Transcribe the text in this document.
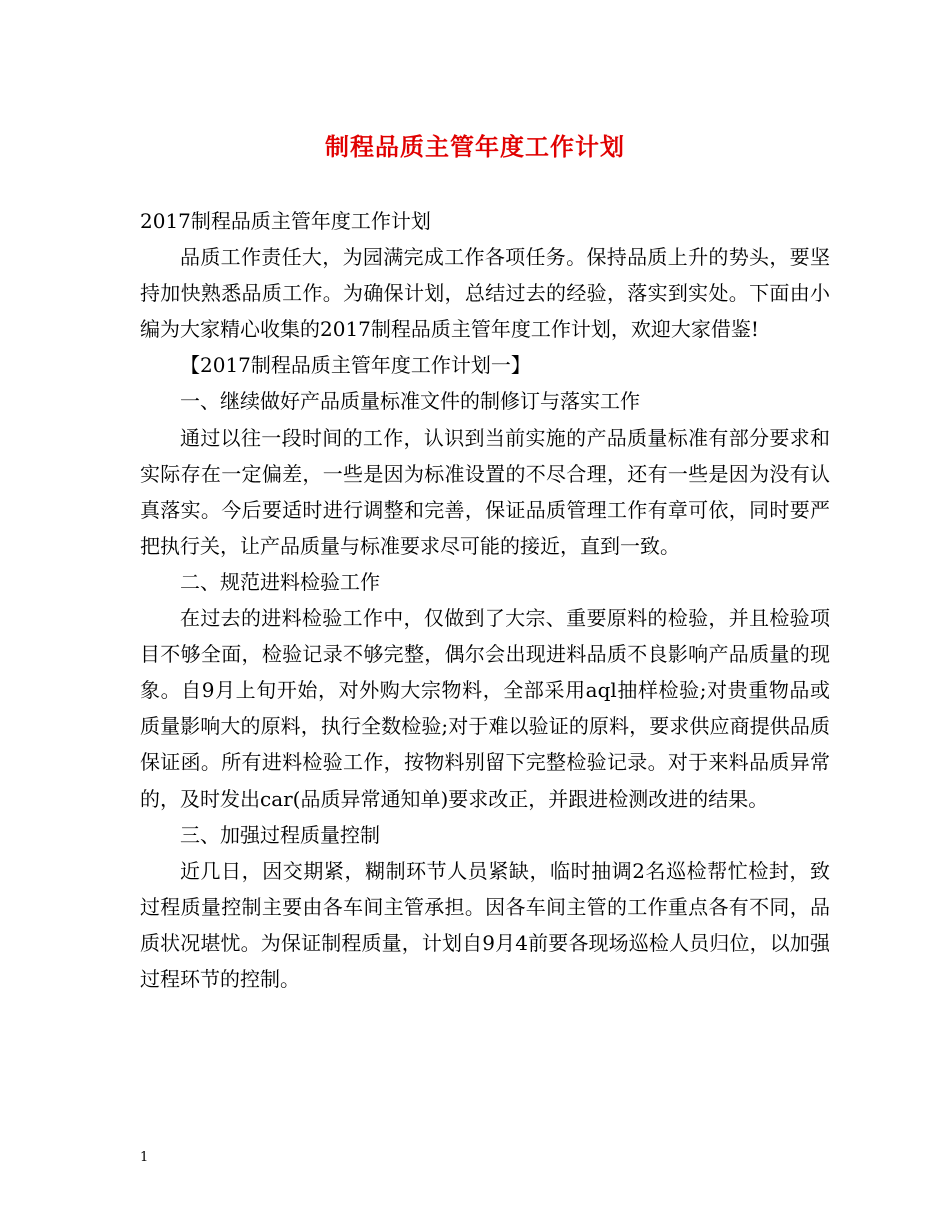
制程品质主管年度工作计划

2017制程品质主管年度工作计划

品质工作责任大，为园满完成工作各项任务。保持品质上升的势头，要坚持加快熟悉品质工作。为确保计划，总结过去的经验，落实到实处。下面由小编为大家精心收集的2017制程品质主管年度工作计划，欢迎大家借鉴!

【2017制程品质主管年度工作计划一】

一、继续做好产品质量标准文件的制修订与落实工作

通过以往一段时间的工作，认识到当前实施的产品质量标准有部分要求和实际存在一定偏差，一些是因为标准设置的不尽合理，还有一些是因为没有认真落实。今后要适时进行调整和完善，保证品质管理工作有章可依，同时要严把执行关，让产品质量与标准要求尽可能的接近，直到一致。

二、规范进料检验工作

在过去的进料检验工作中，仅做到了大宗、重要原料的检验，并且检验项目不够全面，检验记录不够完整，偶尔会出现进料品质不良影响产品质量的现象。自9月上旬开始，对外购大宗物料，全部采用aql抽样检验;对贵重物品或质量影响大的原料，执行全数检验;对于难以验证的原料，要求供应商提供品质保证函。所有进料检验工作，按物料别留下完整检验记录。对于来料品质异常的，及时发出car(品质异常通知单)要求改正，并跟进检测改进的结果。

三、加强过程质量控制

近几日，因交期紧，糊制环节人员紧缺，临时抽调2名巡检帮忙检封，致过程质量控制主要由各车间主管承担。因各车间主管的工作重点各有不同，品质状况堪忧。为保证制程质量，计划自9月4前要各现场巡检人员归位，以加强过程环节的控制。

1
